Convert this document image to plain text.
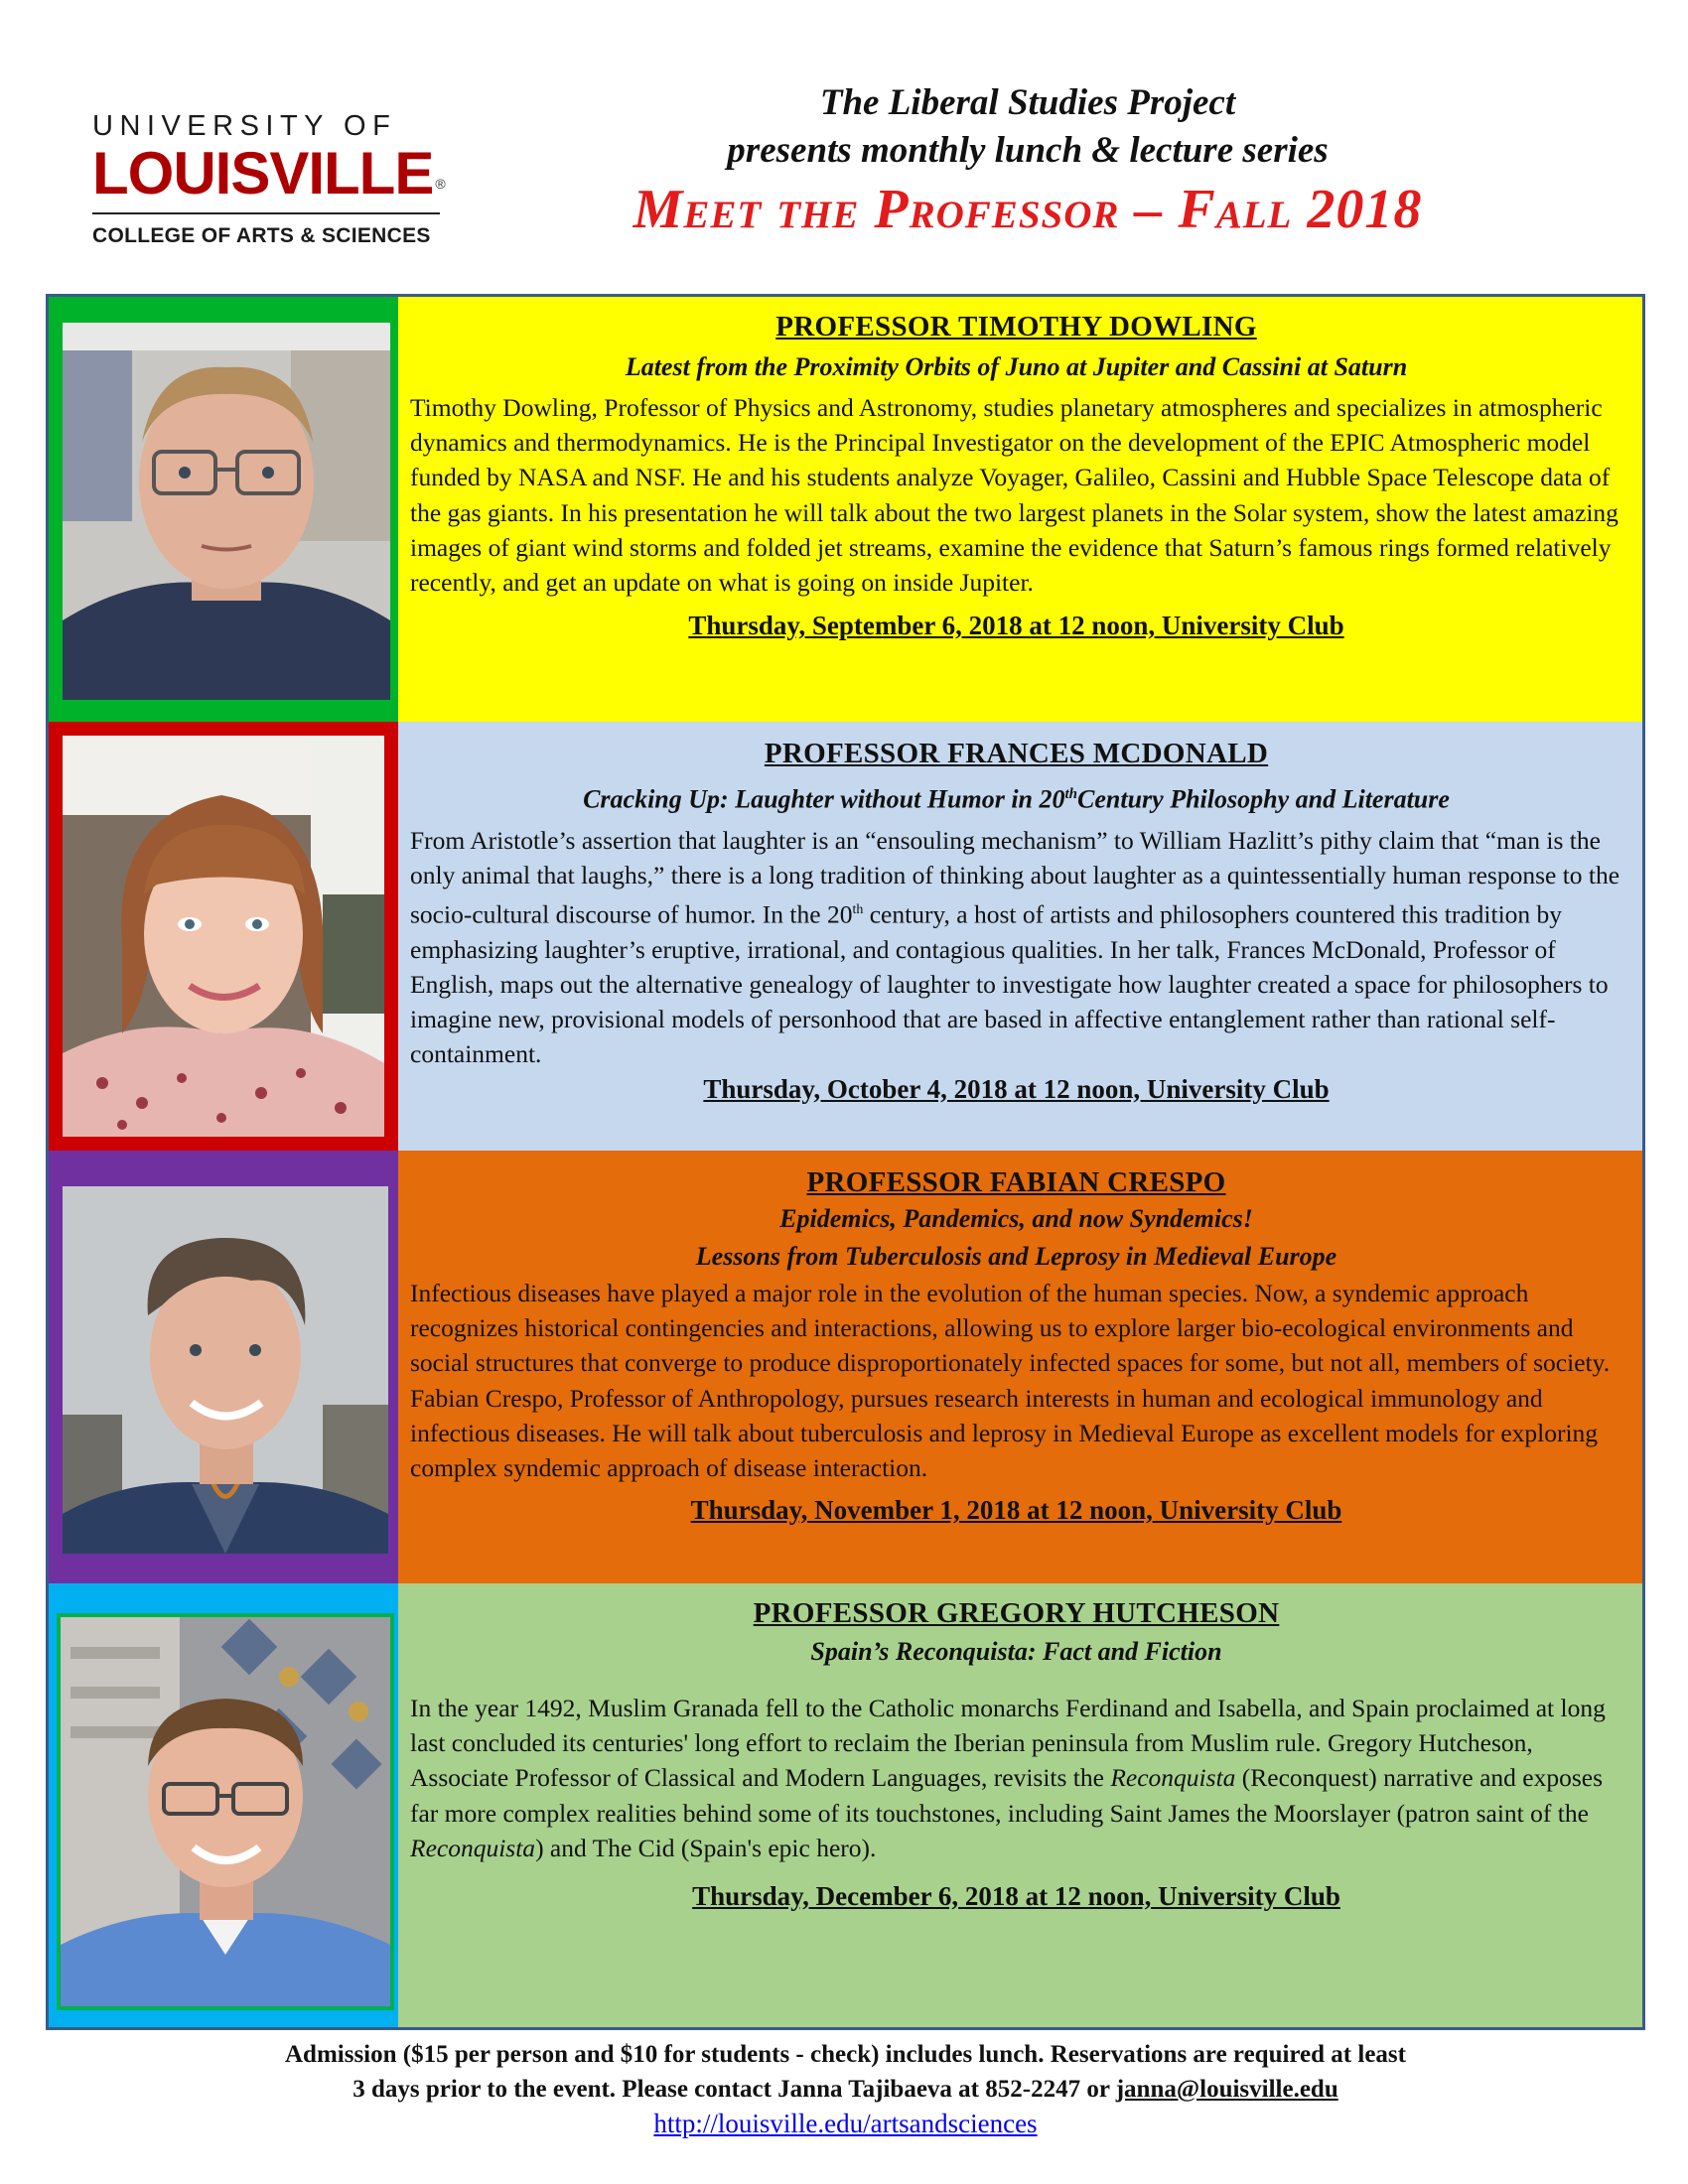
UNIVERSITY OF
LOUISVILLE ®
COLLEGE OF ARTS & SCIENCES
The Liberal Studies Project
presents monthly lunch & lecture series
Meet the Professor – Fall 2018
PROFESSOR TIMOTHY DOWLING
Latest from the Proximity Orbits of Juno at Jupiter and Cassini at Saturn
Timothy Dowling, Professor of Physics and Astronomy, studies planetary atmospheres and specializes in atmospheric dynamics and thermodynamics. He is the Principal Investigator on the development of the EPIC Atmospheric model funded by NASA and NSF. He and his students analyze Voyager, Galileo, Cassini and Hubble Space Telescope data of the gas giants. In his presentation he will talk about the two largest planets in the Solar system, show the latest amazing images of giant wind storms and folded jet streams, examine the evidence that Saturn’s famous rings formed relatively recently, and get an update on what is going on inside Jupiter.
Thursday, September 6, 2018 at 12 noon, University Club
PROFESSOR FRANCES MCDONALD
Cracking Up: Laughter without Humor in 20thCentury Philosophy and Literature
From Aristotle’s assertion that laughter is an “ensouling mechanism” to William Hazlitt’s pithy claim that “man is the only animal that laughs,” there is a long tradition of thinking about laughter as a quintessentially human response to the socio-cultural discourse of humor. In the 20th century, a host of artists and philosophers countered this tradition by emphasizing laughter’s eruptive, irrational, and contagious qualities. In her talk, Frances McDonald, Professor of English, maps out the alternative genealogy of laughter to investigate how laughter created a space for philosophers to imagine new, provisional models of personhood that are based in affective entanglement rather than rational self-containment.
Thursday, October 4, 2018 at 12 noon, University Club
PROFESSOR FABIAN CRESPO
Epidemics, Pandemics, and now Syndemics!
Lessons from Tuberculosis and Leprosy in Medieval Europe
Infectious diseases have played a major role in the evolution of the human species. Now, a syndemic approach recognizes historical contingencies and interactions, allowing us to explore larger bio-ecological environments and social structures that converge to produce disproportionately infected spaces for some, but not all, members of society. Fabian Crespo, Professor of Anthropology, pursues research interests in human and ecological immunology and infectious diseases. He will talk about tuberculosis and leprosy in Medieval Europe as excellent models for exploring complex syndemic approach of disease interaction.
Thursday, November 1, 2018 at 12 noon, University Club
PROFESSOR GREGORY HUTCHESON
Spain’s Reconquista: Fact and Fiction
In the year 1492, Muslim Granada fell to the Catholic monarchs Ferdinand and Isabella, and Spain proclaimed at long last concluded its centuries' long effort to reclaim the Iberian peninsula from Muslim rule. Gregory Hutcheson, Associate Professor of Classical and Modern Languages, revisits the Reconquista (Reconquest) narrative and exposes far more complex realities behind some of its touchstones, including Saint James the Moorslayer (patron saint of the Reconquista) and The Cid (Spain's epic hero).
Thursday, December 6, 2018 at 12 noon, University Club
Admission ($15 per person and $10 for students - check) includes lunch. Reservations are required at least
3 days prior to the event. Please contact Janna Tajibaeva at 852-2247 or janna@louisville.edu
http://louisville.edu/artsandsciences
